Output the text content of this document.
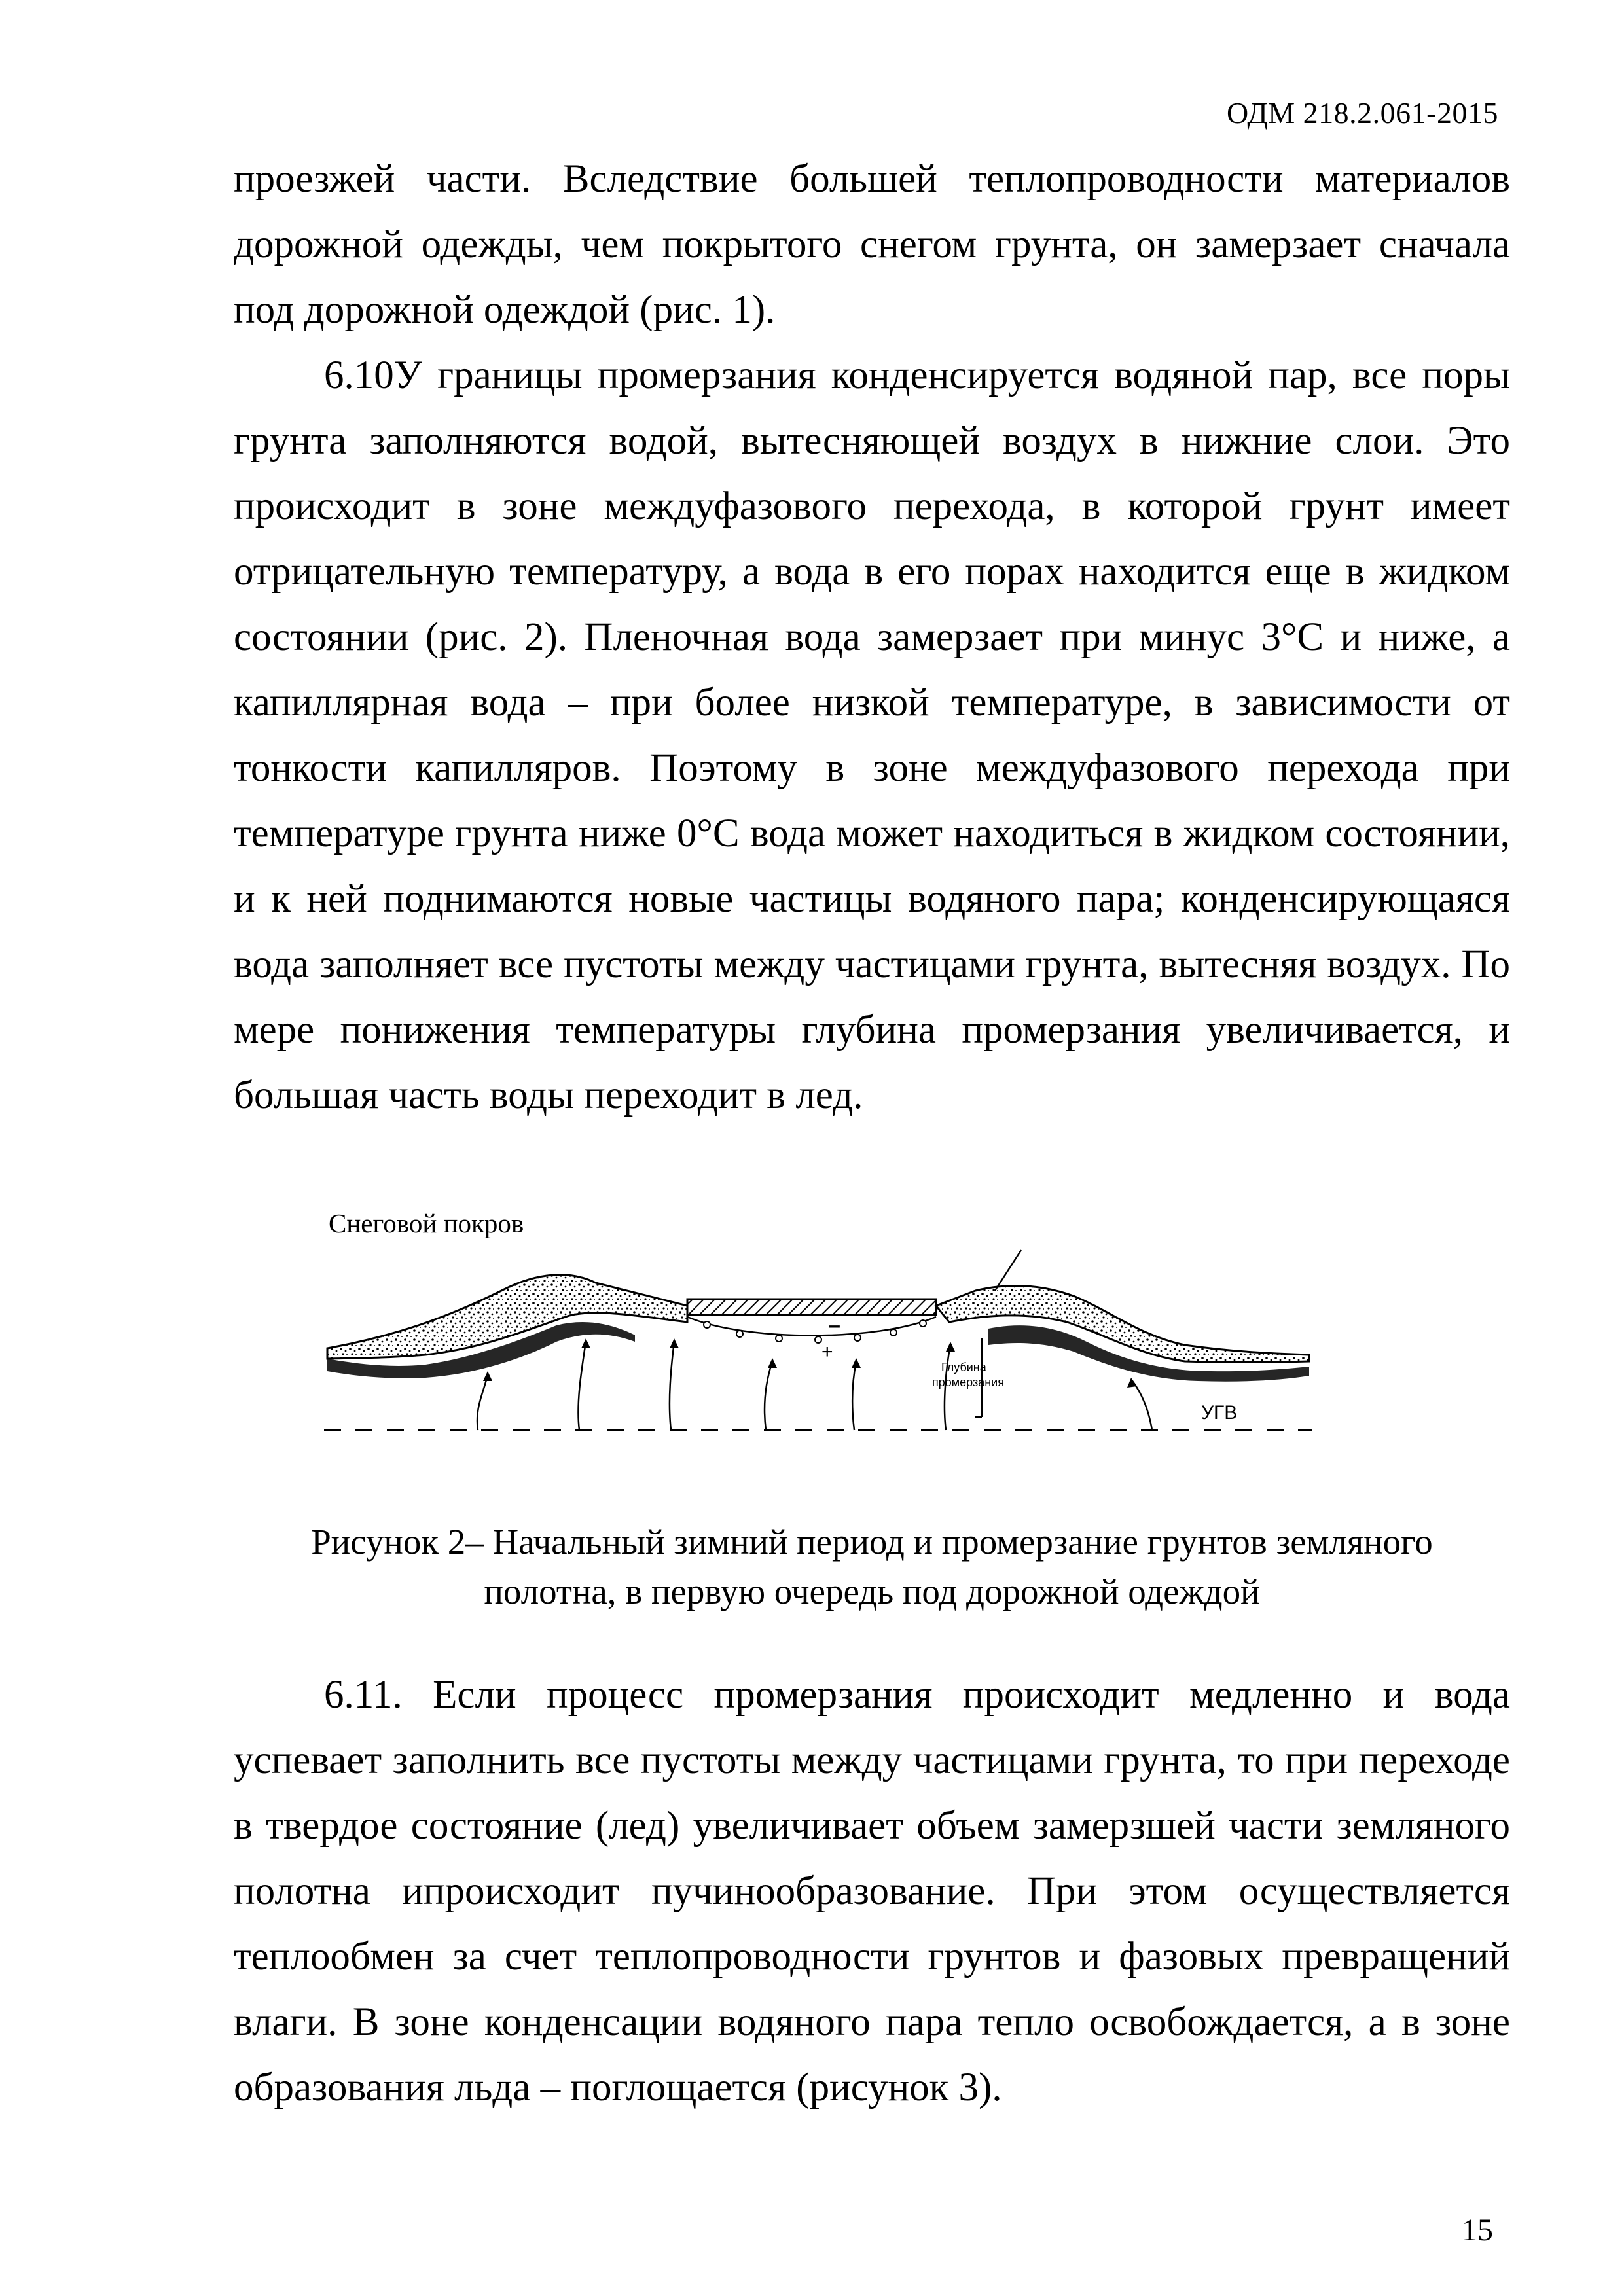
ОДМ 218.2.061-2015

проезжей части. Вследствие большей теплопроводности материалов дорожной одежды, чем покрытого снегом грунта, он замерзает сначала под дорожной одеждой (рис. 1).

6.10У границы промерзания конденсируется водяной пар, все поры грунта заполняются водой, вытесняющей воздух в нижние слои. Это происходит в зоне междуфазового перехода, в которой грунт имеет отрицательную температуру, а вода в его порах находится еще в жидком состоянии (рис. 2). Пленочная вода замерзает при минус 3°С и ниже, а капиллярная вода – при более низкой температуре, в зависимости от тонкости капилляров. Поэтому в зоне междуфазового перехода при температуре грунта ниже 0°С вода может находиться в жидком состоянии, и к ней поднимаются новые частицы водяного пара; конденсирующаяся вода заполняет все пустоты между частицами грунта, вытесняя воздух. По мере понижения температуры глубина промерзания увеличивается, и большая часть воды переходит в лед.

Снеговой покров
–
+
Глубина
промерзания
УГВ
Рисунок 2– Начальный зимний период и промерзание грунтов земляного
полотна, в первую очередь под дорожной одеждой

6.11. Если процесс промерзания происходит медленно и вода успевает заполнить все пустоты между частицами грунта, то при переходе в твердое состояние (лед) увеличивает объем замерзшей части земляного полотна ипроисходит пучинообразование. При этом осуществляется теплообмен за счет теплопроводности грунтов и фазовых превращений влаги. В зоне конденсации водяного пара тепло освобождается, а в зоне образования льда – поглощается (рисунок 3).

15
